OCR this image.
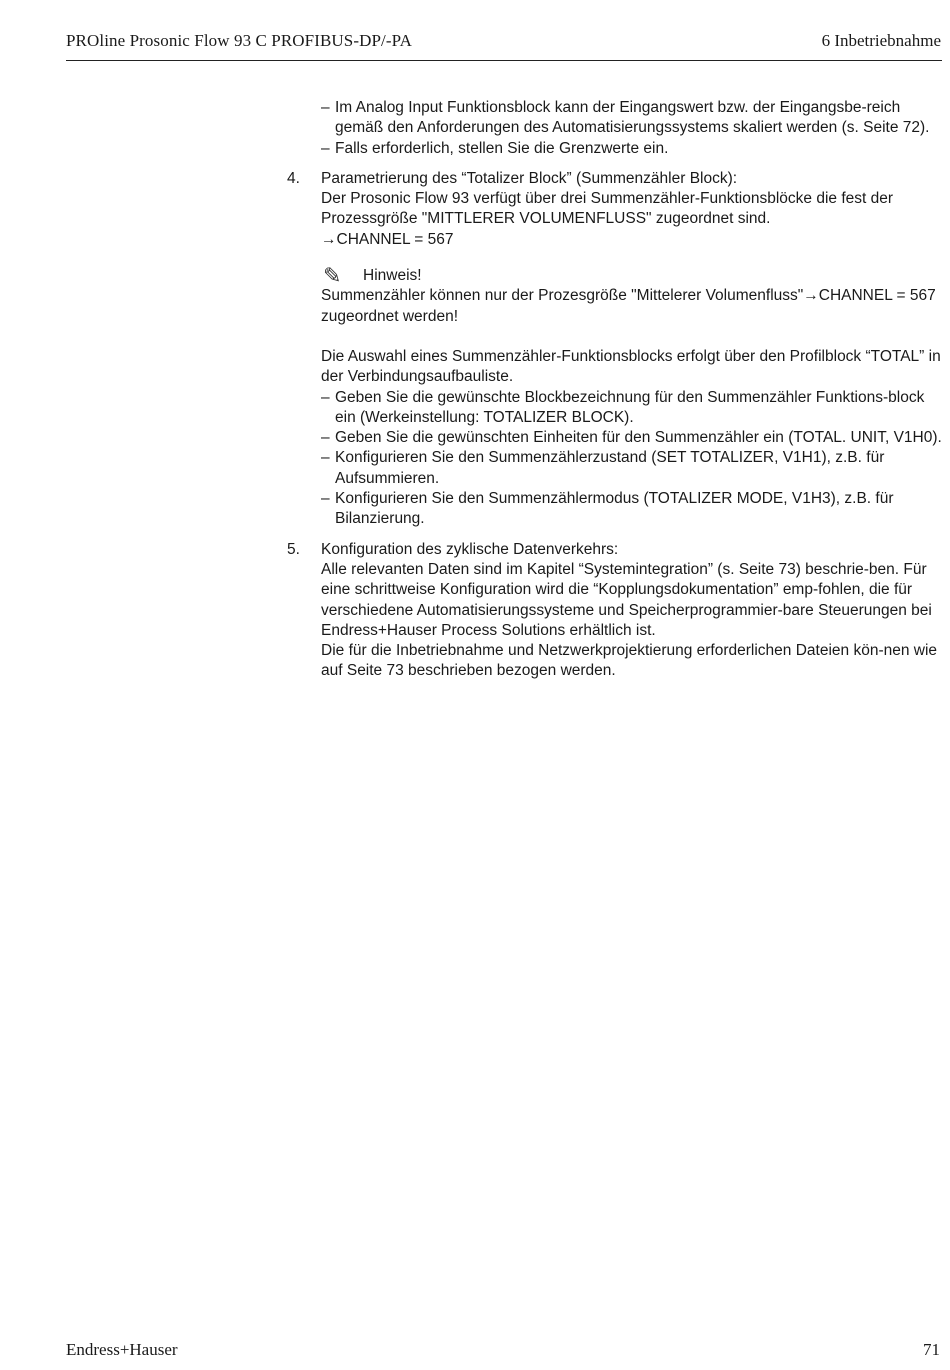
PROline Prosonic Flow 93 C PROFIBUS-DP/-PA	6 Inbetriebnahme
– Im Analog Input Funktionsblock kann der Eingangswert bzw. der Eingangsbe-reich gemäß den Anforderungen des Automatisierungssystems skaliert werden (s. Seite 72).
– Falls erforderlich, stellen Sie die Grenzwerte ein.
4. Parametrierung des “Totalizer Block” (Summenzähler Block):
Der Prosonic Flow 93 verfügt über drei Summenzähler-Funktionsblöcke die fest der Prozessgröße "MITTLERER VOLUMENFLUSS" zugeordnet sind.
→CHANNEL = 567
✎	Hinweis!
Summenzähler können nur der Prozesgröße "Mittelerer Volumenfluss"→CHANNEL = 567 zugeordnet werden!
Die Auswahl eines Summenzähler-Funktionsblocks erfolgt über den Profilblock “TOTAL” in der Verbindungsaufbauliste.
– Geben Sie die gewünschte Blockbezeichnung für den Summenzähler Funktions-block ein (Werkeinstellung: TOTALIZER BLOCK).
– Geben Sie die gewünschten Einheiten für den Summenzähler ein (TOTAL. UNIT, V1H0).
– Konfigurieren Sie den Summenzählerzustand (SET TOTALIZER, V1H1), z.B. für Aufsummieren.
– Konfigurieren Sie den Summenzählermodus (TOTALIZER MODE, V1H3), z.B. für Bilanzierung.
5. Konfiguration des zyklische Datenverkehrs:
Alle relevanten Daten sind im Kapitel “Systemintegration” (s. Seite 73) beschrie-ben. Für eine schrittweise Konfiguration wird die “Kopplungsdokumentation” emp-fohlen, die für verschiedene Automatisierungssysteme und Speicherprogrammier-bare Steuerungen bei Endress+Hauser Process Solutions erhältlich ist.
Die für die Inbetriebnahme und Netzwerkprojektierung erforderlichen Dateien kön-nen wie auf Seite 73 beschrieben bezogen werden.
Endress+Hauser	71
